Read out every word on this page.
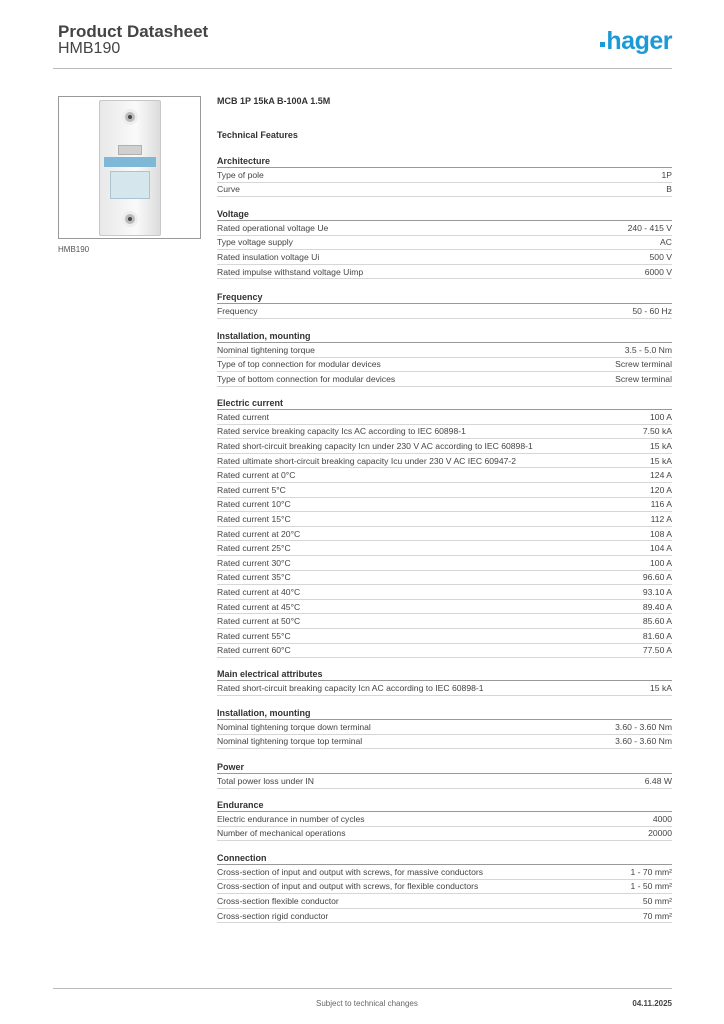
Product Datasheet
HMB190	hager
HMB190
MCB 1P 15kA B-100A 1.5M
Technical Features
Architecture
Type of pole	1P
Curve	B
Voltage
Rated operational voltage Ue	240 - 415 V
Type voltage supply	AC
Rated insulation voltage Ui	500 V
Rated impulse withstand voltage Uimp	6000 V
Frequency
Frequency	50 - 60 Hz
Installation, mounting
Nominal tightening torque	3.5 - 5.0 Nm
Type of top connection for modular devices	Screw terminal
Type of bottom connection for modular devices	Screw terminal
Electric current
Rated current	100 A
Rated service breaking capacity Ics AC according to IEC 60898-1	7.50 kA
Rated short-circuit breaking capacity Icn under 230 V AC according to IEC 60898-1	15 kA
Rated ultimate short-circuit breaking capacity Icu under 230 V AC IEC 60947-2	15 kA
Rated current at 0°C	124 A
Rated current 5°C	120 A
Rated current 10°C	116 A
Rated current 15°C	112 A
Rated current at 20°C	108 A
Rated current 25°C	104 A
Rated current 30°C	100 A
Rated current 35°C	96.60 A
Rated current at 40°C	93.10 A
Rated current at 45°C	89.40 A
Rated current at 50°C	85.60 A
Rated current 55°C	81.60 A
Rated current 60°C	77.50 A
Main electrical attributes
Rated short-circuit breaking capacity Icn AC according to IEC 60898-1	15 kA
Installation, mounting
Nominal tightening torque down terminal	3.60 - 3.60 Nm
Nominal tightening torque top terminal	3.60 - 3.60 Nm
Power
Total power loss under IN	6.48 W
Endurance
Electric endurance in number of cycles	4000
Number of mechanical operations	20000
Connection
Cross-section of input and output with screws, for massive conductors	1 - 70 mm²
Cross-section of input and output with screws, for flexible conductors	1 - 50 mm²
Cross-section flexible conductor	50 mm²
Cross-section rigid conductor	70 mm²
Subject to technical changes	04.11.2025
